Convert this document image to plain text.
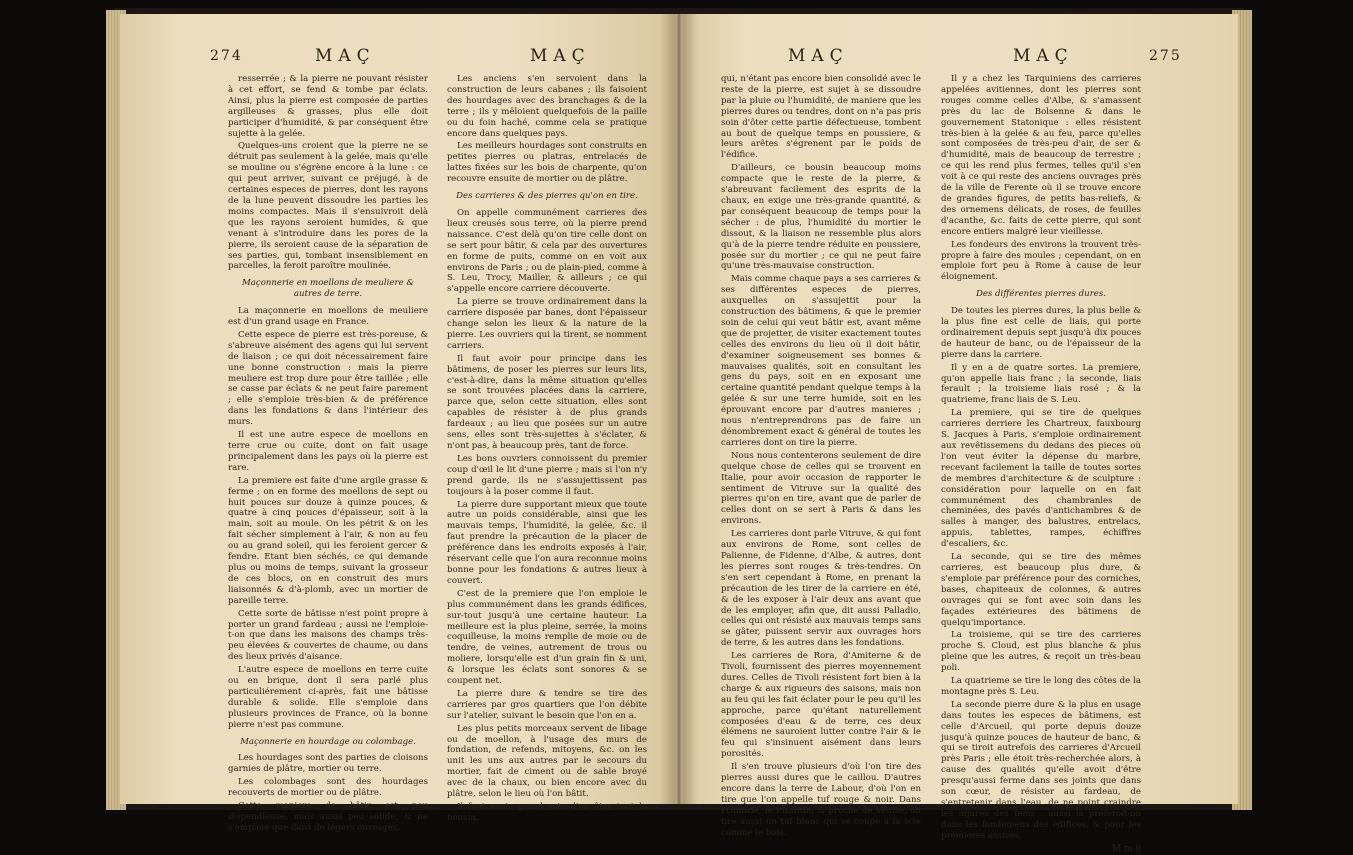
274	MAÇ	MAÇ

resserrée ; & la pierre ne pouvant résister à cet effort, se fend & tombe par éclats. Ainsi, plus la pierre est composée de parties argilleuses & grasses, plus elle doit participer d'humidité, & par conséquent être sujette à la gelée.

Quelques-uns croient que la pierre ne se détruit pas seulement à la gelée, mais qu'elle se mouline ou s'égrène encore à la lune : ce qui peut arriver, suivant ce préjugé, à de certaines especes de pierres, dont les rayons de la lune peuvent dissoudre les parties les moins compactes. Mais il s'ensuivroit delà que les rayons seroient humides, & que venant à s'introduire dans les pores de la pierre, ils seroient cause de la séparation de ses parties, qui, tombant insensiblement en parcelles, la feroit paroître moulinée.

Maçonnerie en moellons de meuliere & autres de terre.

La maçonnerie en moellons de meuliere est d'un grand usage en France.

Cette espece de pierre est très-poreuse, & s'abreuve aisément des agens qui lui servent de liaison ; ce qui doit nécessairement faire une bonne construction : mais la pierre meuliere est trop dure pour être taillée ; elle se casse par éclats & ne peut faire parement ; elle s'emploie très-bien & de préférence dans les fondations & dans l'intérieur des murs.

Il est une autre espece de moellons en terre crue ou cuite, dont on fait usage principalement dans les pays où la pierre est rare.

La premiere est faite d'une argile grasse & ferme ; on en forme des moellons de sept ou huit pouces sur douze à quinze pouces, & quatre à cinq pouces d'épaisseur, soit à la main, soit au moule. On les pétrit & on les fait sécher simplement à l'air, & non au feu ou au grand soleil, qui les feroient gercer & fendre. Etant bien séchés, ce qui demande plus ou moins de temps, suivant la grosseur de ces blocs, on en construit des murs liaisonnés & d'à-plomb, avec un mortier de pareille terre.

Cette sorte de bâtisse n'est point propre à porter un grand fardeau ; aussi ne l'emploie-t-on que dans les maisons des champs très-peu élevées & couvertes de chaume, ou dans des lieux privés d'aisance.

L'autre espece de moellons en terre cuite ou en brique, dont il sera parlé plus particuliérement ci-après, fait une bâtisse durable & solide. Elle s'emploie dans plusieurs provinces de France, où la bonne pierre n'est pas commune.

Maçonnerie en hourdage ou colombage.

Les hourdages sont des parties de cloisons garnies de plâtre, mortier ou terre.

Les colombages sont des hourdages recouverts de mortier ou de plâtre.

Cette maniere de bâtir est peu dispendieuse, mais aussi peu solide, & ne s'emploie que dans de légers ouvrages.

Les anciens s'en servoient dans la construction de leurs cabanes ; ils faisoient des hourdages avec des branchages & de la terre ; ils y mêloient quelquefois de la paille ou du foin haché, comme cela se pratique encore dans quelques pays.

Les meilleurs hourdages sont construits en petites pierres ou platras, entrelacés de lattes fixées sur les bois de charpente, qu'on recouvre ensuite de mortier ou de plâtre.

Des carrieres & des pierres qu'on en tire.

On appelle communément carrieres des lieux creusés sous terre, où la pierre prend naissance. C'est delà qu'on tire celle dont on se sert pour bâtir, & cela par des ouvertures en forme de puits, comme on en voit aux environs de Paris ; ou de plain-pied, comme à S. Leu, Trocy, Mailler, & ailleurs ; ce qui s'appelle encore carriere découverte.

La pierre se trouve ordinairement dans la carriere disposée par banes, dont l'épaisseur change selon les lieux & la nature de la pierre. Les ouvriers qui la tirent, se nomment carriers.

Il faut avoir pour principe dans les bâtimens, de poser les pierres sur leurs lits, c'est-à-dire, dans la même situation qu'elles se sont trouvées placées dans la carriere, parce que, selon cette situation, elles sont capables de résister à de plus grands fardeaux ; au lieu que posées sur un autre sens, elles sont très-sujettes à s'éclater, & n'ont pas, à beaucoup près, tant de force.

Les bons ouvriers connoissent du premier coup d'œil le lit d'une pierre ; mais si l'on n'y prend garde, ils ne s'assujettissent pas toujours à la poser comme il faut.

La pierre dure supportant mieux que toute autre un poids considérable, ainsi que les mauvais temps, l'humidité, la gelée, &c. il faut prendre la précaution de la placer de préférence dans les endroits exposés à l'air, réservant celle que l'on aura reconnue moins bonne pour les fondations & autres lieux à couvert.

C'est de la premiere que l'on emploie le plus communément dans les grands édifices, sur-tout jusqu'à une certaine hauteur. La meilleure est la plus pleine, serrée, la moins coquilleuse, la moins remplie de moie ou de tendre, de veines, autrement de trous ou moliere, lorsqu'elle est d'un grain fin & uni, & lorsque les éclats sont sonores & se coupent net.

La pierre dure & tendre se tire des carrieres par gros quartiers que l'on débite sur l'atelier, suivant le besoin que l'on en a.

Les plus petits morceaux servent de libage ou de moellon, à l'usage des murs de fondation, de refends, mitoyens, &c. on les unit les uns aux autres par le secours du mortier, fait de ciment ou de sable broyé avec de la chaux, ou bien encore avec du plâtre, selon le lieu où l'on bâtit.

Il faut avoir grand soin d'en ôter tout le bousin,

MAÇ	MAÇ	275

qui, n'étant pas encore bien consolidé avec le reste de la pierre, est sujet à se dissoudre par la pluie ou l'humidité, de maniere que les pierres dures ou tendres, dont on n'a pas pris soin d'ôter cette partie défectueuse, tombent au bout de quelque temps en poussiere, & leurs arêtes s'égrenent par le poids de l'édifice.

D'ailleurs, ce bousin beaucoup moins compacte que le reste de la pierre, & s'abreuvant facilement des esprits de la chaux, en exige une très-grande quantité, & par conséquent beaucoup de temps pour la sécher : de plus, l'humidité du mortier le dissout, & la liaison ne ressemble plus alors qu'à de la pierre tendre réduite en poussiere, posée sur du mortier ; ce qui ne peut faire qu'une très-mauvaise construction.

Mais comme chaque pays a ses carrieres & ses différentes especes de pierres, auxquelles on s'assujettit pour la construction des bâtimens, & que le premier soin de celui qui veut bâtir est, avant même que de projetter, de visiter exactement toutes celles des environs du lieu où il doit bâtir, d'examiner soigneusement ses bonnes & mauvaises qualités, soit en consultant les gens du pays, soit en en exposant une certaine quantité pendant quelque temps à la gelée & sur une terre humide, soit en les éprouvant encore par d'autres manieres ; nous n'entreprendrons pas de faire un dénombrement exact & général de toutes les carrieres dont on tire la pierre.

Nous nous contenterons seulement de dire quelque chose de celles qui se trouvent en Italie, pour avoir occasion de rapporter le sentiment de Vitruve sur la qualité des pierres qu'on en tire, avant que de parler de celles dont on se sert à Paris & dans les environs.

Les carrieres dont parle Vitruve, & qui font aux environs de Rome, sont celles de Palienne, de Fidenne, d'Albe, & autres, dont les pierres sont rouges & très-tendres. On s'en sert cependant à Rome, en prenant la précaution de les tirer de la carriere en été, & de les exposer à l'air deux ans avant que de les employer, afin que, dit aussi Palladio, celles qui ont résisté aux mauvais temps sans se gâter, puissent servir aux ouvrages hors de terre, & les autres dans les fondations.

Les carrieres de Rora, d'Amiterne & de Tivoli, fournissent des pierres moyennement dures. Celles de Tivoli résistent fort bien à la charge & aux rigueurs des saisons, mais non au feu qui les fait éclater pour le peu qu'il les approche, parce qu'étant naturellement composées d'eau & de terre, ces deux élémens ne sauroient lutter contre l'air & le feu qui s'insinuent aisément dans leurs porosités.

Il s'en trouve plusieurs d'où l'on tire des pierres aussi dures que le caillou. D'autres encore dans la terre de Labour, d'où l'on en tire que l'on appelle tuf rouge & noir. Dans l'Ombrie, le Pisantin, & proche de Venise, on tire aussi un tuf blanc qui se coupe à la scie comme le bois.

Il y a chez les Tarquiniens des carrieres appelées avitiennes, dont les pierres sont rouges comme celles d'Albe, & s'amassent près du lac de Bolsenne & dans le gouvernement Statonique : elles résistent très-bien à la gelée & au feu, parce qu'elles sont composées de très-peu d'air, de ser & d'humidité, mais de beaucoup de terrestre ; ce qui les rend plus fermes, telles qu'il s'en voit à ce qui reste des anciens ouvrages près de la ville de Ferente où il se trouve encore de grandes figures, de petits bas-reliefs, & des ornemens délicats, de roses, de feuilles d'acanthe, &c. faits de cette pierre, qui sont encore entiers malgré leur vieillesse.

Les fondeurs des environs la trouvent très-propre à faire des moules ; cependant, on en emploie fort peu à Rome à cause de leur éloignement.

Des différentes pierres dures.

De toutes les pierres dures, la plus belle & la plus fine est celle de liais, qui porte ordinairement depuis sept jusqu'à dix pouces de hauteur de banc, ou de l'épaisseur de la pierre dans la carriere.

Il y en a de quatre sortes. La premiere, qu'on appelle liais franc ; la seconde, liais ferault ; la troisieme liais rosé ; & la quatrieme, franc liais de S. Leu.

La premiere, qui se tire de quelques carrieres derriere les Chartreux, fauxbourg S. Jacques à Paris, s'emploie ordinairement aux revêtissemens du dedans des pieces où l'on veut éviter la dépense du marbre, recevant facilement la taille de toutes sortes de membres d'architecture & de sculpture : considération pour laquelle on en fait communément des chambranles de cheminées, des pavés d'antichambres & de salles à manger, des balustres, entrelacs, appuis, tablettes, rampes, échiffres d'escaliers, &c.

La seconde, qui se tire des mêmes carrieres, est beaucoup plus dure, & s'emploie par préférence pour des corniches, bases, chapiteaux de colonnes, & autres ouvrages qui se font avec soin dans les façades extérieures des bâtimens de quelqu'importance.

La troisieme, qui se tire des carrieres proche S. Cloud, est plus blanche & plus pleine que les autres, & reçoit un très-beau poli.

La quatrieme se tire le long des côtes de la montagne près S. Leu.

La seconde pierre dure & la plus en usage dans toutes les especes de bâtimens, est celle d'Arcueil, qui porte depuis douze jusqu'à quinze pouces de hauteur de banc, & qui se tiroit autrefois des carrieres d'Arcueil près Paris ; elle étoit très-recherchée alors, à cause des qualités qu'elle avoit d'être presqu'aussi ferme dans ses joints que dans son cœur, de résister au fardeau, de s'entretenir dans l'eau, de ne point craindre les injures des tems : aussi la préféroit-on dans les fondemens des édifices, & pour les premieres assises.

M m ij
